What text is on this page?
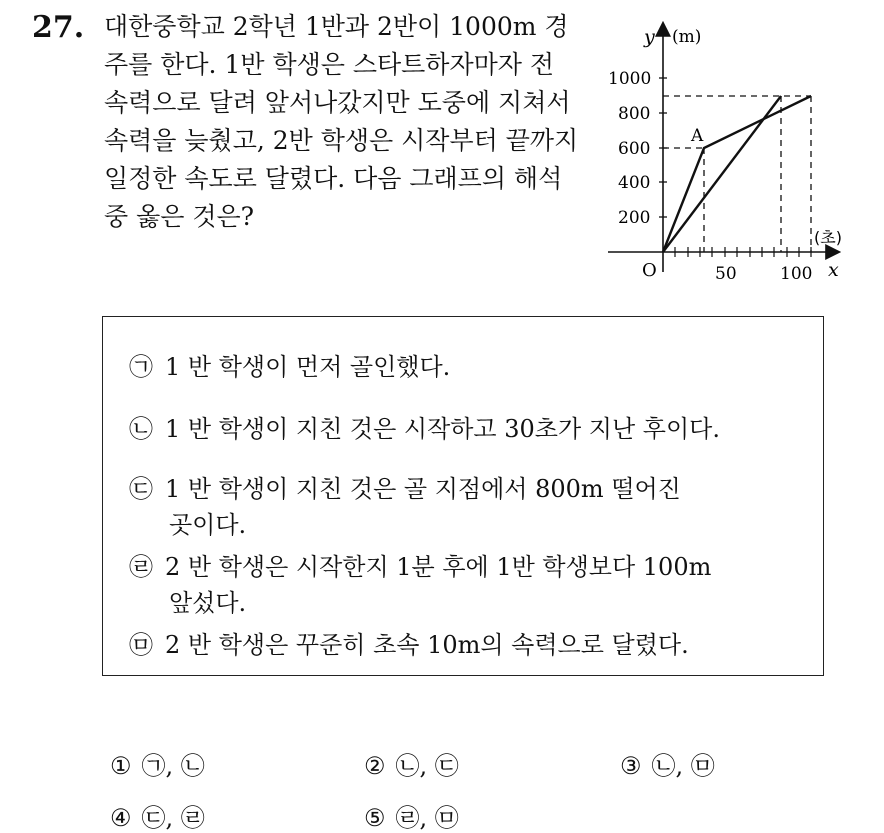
27. 대한중학교 2학년 1반과 2반이 1000m 경
주를 한다. 1반 학생은 스타트하자마자 전
속력으로 달려 앞서나갔지만 도중에 지쳐서
속력을 늦췄고, 2반 학생은 시작부터 끝까지
일정한 속도로 달렸다. 다음 그래프의 해석
중 옳은 것은?
y (m)
1000
800
600
400
200
A
O	50	100 x
(초)
㉠ 1 반 학생이 먼저 골인했다.
㉡ 1 반 학생이 지친 것은 시작하고 30초가 지난 후이다.
㉢ 1 반 학생이 지친 것은 골 지점에서 800m 떨어진
곳이다.
㉣ 2 반 학생은 시작한지 1분 후에 1반 학생보다 100m
앞섰다.
㉤ 2 반 학생은 꾸준히 초속 10m의 속력으로 달렸다.
① ㉠, ㉡	② ㉡, ㉢	③ ㉡, ㉤
④ ㉢, ㉣	⑤ ㉣, ㉤
